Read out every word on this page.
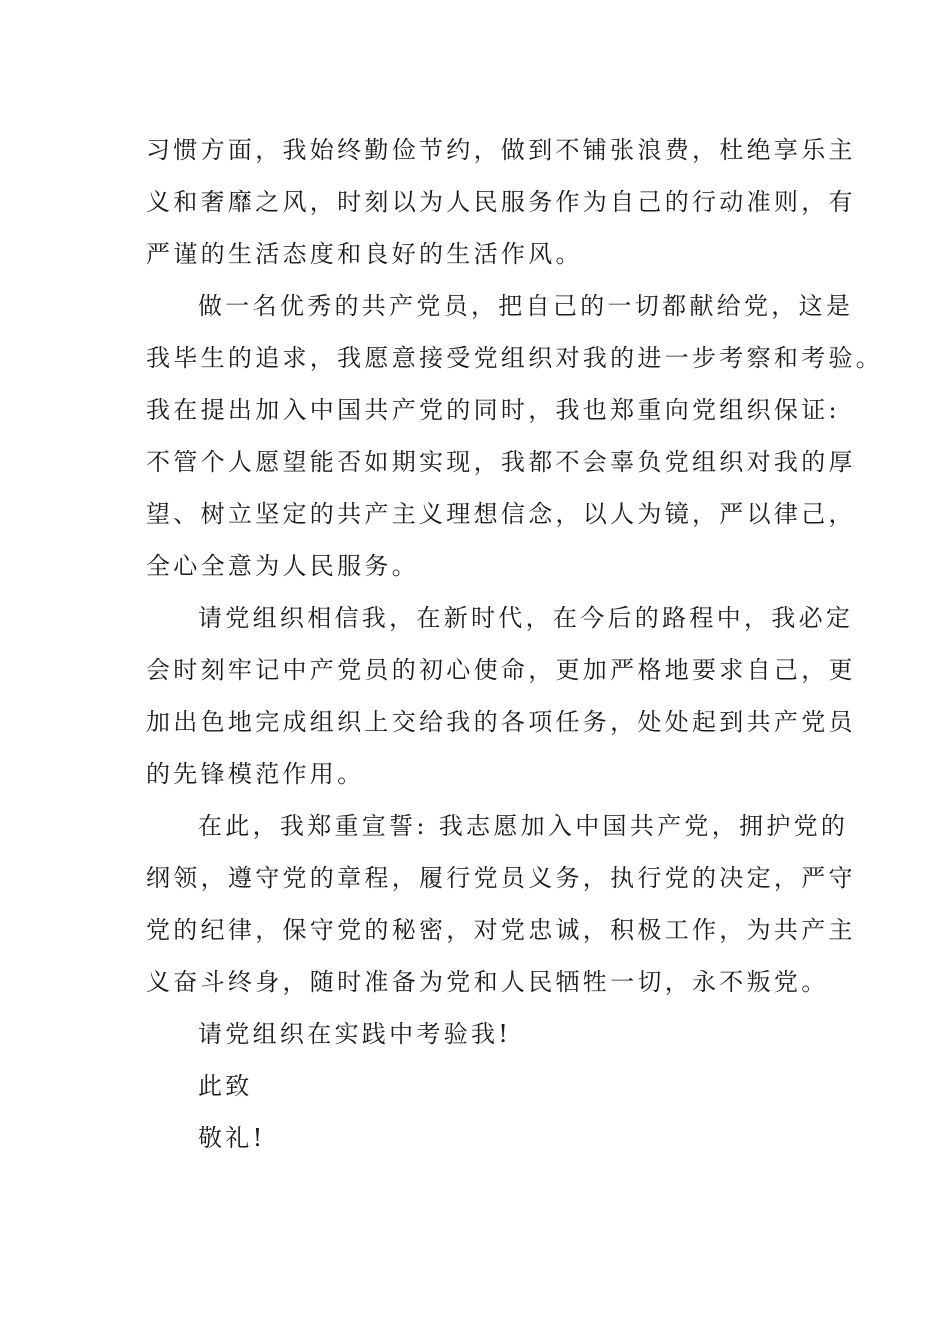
习惯方面，我始终勤俭节约，做到不铺张浪费，杜绝享乐主
义和奢靡之风，时刻以为人民服务作为自己的行动准则，有
严谨的生活态度和良好的生活作风。
做一名优秀的共产党员，把自己的一切都献给党，这是
我毕生的追求，我愿意接受党组织对我的进一步考察和考验。
我在提出加入中国共产党的同时，我也郑重向党组织保证:
不管个人愿望能否如期实现，我都不会辜负党组织对我的厚
望、树立坚定的共产主义理想信念，以人为镜，严以律己，
全心全意为人民服务。
请党组织相信我，在新时代，在今后的路程中，我必定
会时刻牢记中产党员的初心使命，更加严格地要求自己，更
加出色地完成组织上交给我的各项任务，处处起到共产党员
的先锋模范作用。
在此，我郑重宣誓: 我志愿加入中国共产党，拥护党的
纲领，遵守党的章程，履行党员义务，执行党的决定，严守
党的纪律，保守党的秘密，对党忠诚，积极工作，为共产主
义奋斗终身，随时准备为党和人民牺牲一切，永不叛党。
请党组织在实践中考验我!
此致
敬礼!
